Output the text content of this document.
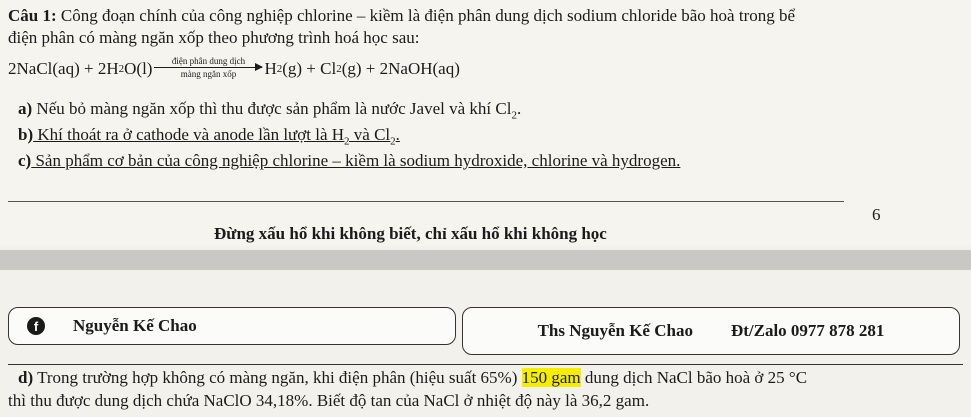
Câu 1: Công đoạn chính của công nghiệp chlorine – kiềm là điện phân dung dịch sodium chloride bão hoà trong bể
điện phân có màng ngăn xốp theo phương trình hoá học sau:
2NaCl(aq) + 2H 2 O(l) điện phân dung dịch
màng ngăn xốp H 2 (g) + Cl 2 (g) + 2NaOH(aq)
a) Nếu bỏ màng ngăn xốp thì thu được sản phẩm là nước Javel và khí $Cl_2$.
b) Khí thoát ra ở cathode và anode lần lượt là $H_2$ và $Cl_2$.
c) Sản phẩm cơ bản của công nghiệp chlorine – kiềm là sodium hydroxide, chlorine và hydrogen.
Đừng xấu hổ khi không biết, chỉ xấu hổ khi không học
6
f	Nguyễn Kế Chao	Ths Nguyễn Kế Chao Đt/Zalo 0977 878 281
d) Trong trường hợp không có màng ngăn, khi điện phân (hiệu suất 65%) 150 gam dung dịch NaCl bão hoà ở 25 °C
thì thu được dung dịch chứa NaClO 34,18%. Biết độ tan của NaCl ở nhiệt độ này là 36,2 gam.
